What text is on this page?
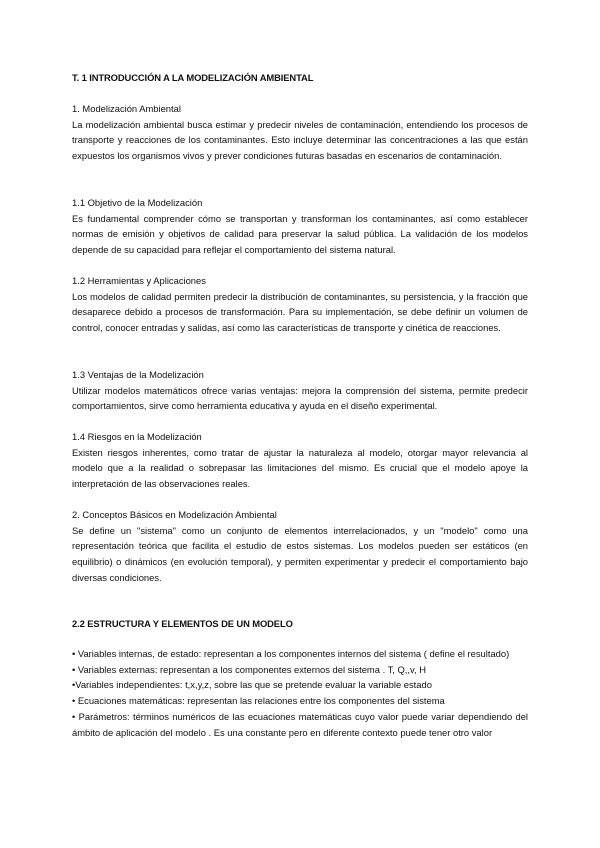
T. 1 INTRODUCCIÓN A LA MODELIZACIÓN AMBIENTAL
1. Modelización Ambiental

La modelización ambiental busca estimar y predecir niveles de contaminación, entendiendo los procesos de transporte y reacciones de los contaminantes. Esto incluye determinar las concentraciones a las que están expuestos los organismos vivos y prever condiciones futuras basadas en escenarios de contaminación.

1.1 Objetivo de la Modelización

Es fundamental comprender cómo se transportan y transforman los contaminantes, así como establecer normas de emisión y objetivos de calidad para preservar la salud pública. La validación de los modelos depende de su capacidad para reflejar el comportamiento del sistema natural.

1.2 Herramientas y Aplicaciones

Los modelos de calidad permiten predecir la distribución de contaminantes, su persistencia, y la fracción que desaparece debido a procesos de transformación. Para su implementación, se debe definir un volumen de control, conocer entradas y salidas, así como las características de transporte y cinética de reacciones.

1.3 Ventajas de la Modelización

Utilizar modelos matemáticos ofrece varias ventajas: mejora la comprensión del sistema, permite predecir comportamientos, sirve como herramienta educativa y ayuda en el diseño experimental.

1.4 Riesgos en la Modelización

Existen riesgos inherentes, como tratar de ajustar la naturaleza al modelo, otorgar mayor relevancia al modelo que a la realidad o sobrepasar las limitaciones del mismo. Es crucial que el modelo apoye la interpretación de las observaciones reales.

2. Conceptos Básicos en Modelización Ambiental

Se define un "sistema" como un conjunto de elementos interrelacionados, y un "modelo" como una representación teórica que facilita el estudio de estos sistemas. Los modelos pueden ser estáticos (en equilibrio) o dinámicos (en evolución temporal), y permiten experimentar y predecir el comportamiento bajo diversas condiciones.

2.2 ESTRUCTURA Y ELEMENTOS DE UN MODELO

• Variables internas, de estado: representan a los componentes internos del sistema ( define el resultado)

• Variables externas: representan a los componentes externos del sistema . T, Q,,v, H

•Variables independientes: t,x,y,z, sobre las que se pretende evaluar la variable estado

• Ecuaciones matemáticas: representan las relaciones entre los componentes del sistema

• Parámetros: términos numéricos de las ecuaciones matemáticas cuyo valor puede variar dependiendo del ámbito de aplicación del modelo . Es una constante pero en diferente contexto puede tener otro valor
